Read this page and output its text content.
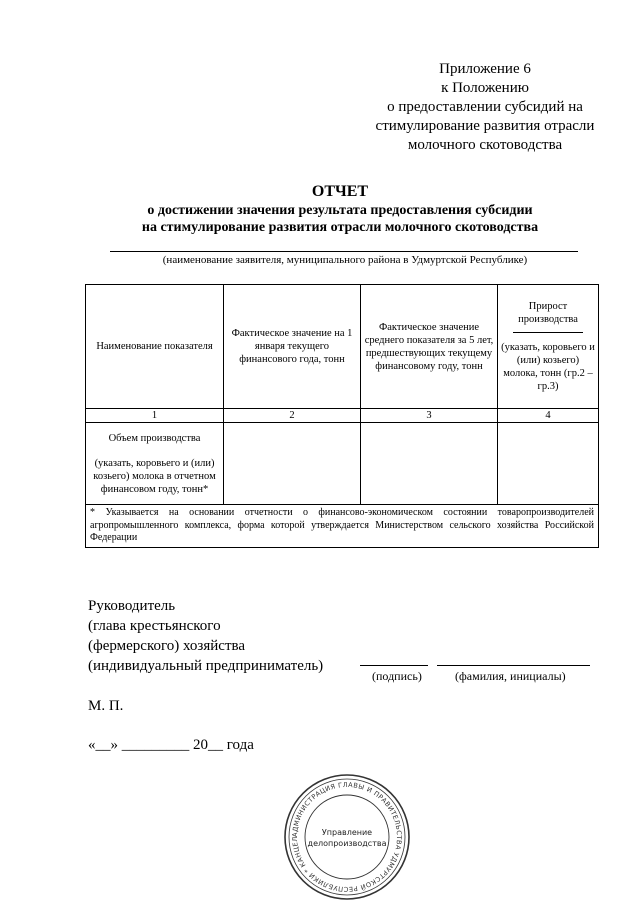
Приложение 6
к Положению
о предоставлении субсидий на
стимулирование развития отрасли
молочного скотоводства
ОТЧЕТ
о достижении значения результата предоставления субсидии
на стимулирование развития отрасли молочного скотоводства
(наименование заявителя, муниципального района в Удмуртской Республике)
Наименование показателя	Фактическое значение на 1 января текущего финансового года, тонн	Фактическое значение среднего показателя за 5 лет, предшествующих текущему финансовому году, тонн	Прирост производства
(указать, коровьего и (или) козьего) молока, тонн (гр.2 – гр.3)
1	2	3	4

Объем производства
(указать, коровьего и (или) козьего) молока в отчетном финансовом году, тонн*			

* Указывается на основании отчетности о финансово-экономическом состоянии товаропроизводителей агропромышленного комплекса, форма которой утверждается Министерством сельского хозяйства Российской Федерации			
Руководитель
(глава крестьянского
(фермерского) хозяйства
(индивидуальный предприниматель)
(подпись)	(фамилия, инициалы)
М. П.
«__» _________ 20__ года
АДМИНИСТРАЦИЯ ГЛАВЫ И ПРАВИТЕЛЬСТВА УДМУРТСКОЙ РЕСПУБЛИКИ * КАНЦЕЛ
Управление
делопроизводства
